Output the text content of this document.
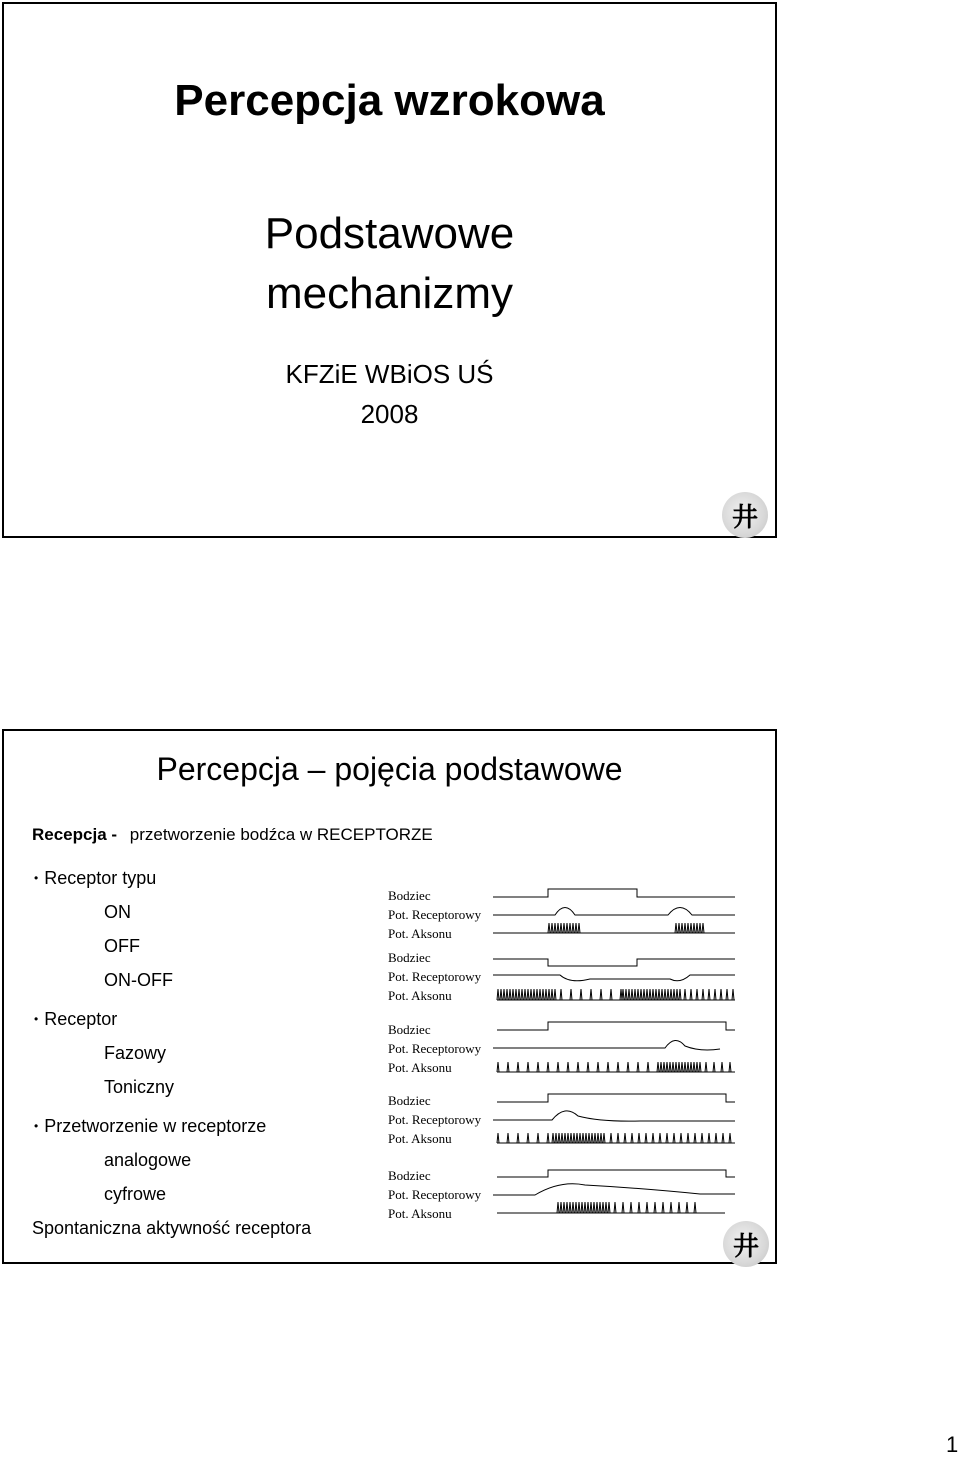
Percepcja wzrokowa
Podstawowe
mechanizmy
KFZiE WBiOS UŚ
2008
井
Percepcja – pojęcia podstawowe
Recepcja - przetworzenie bodźca w RECEPTORZE
• Receptor typu
ON
OFF
ON-OFF
• Receptor
Fazowy
Toniczny
• Przetworzenie w receptorze
analogowe
cyfrowe
Spontaniczna aktywność receptora
Bodziec
Pot. Receptorowy
Pot. Aksonu
Bodziec
Pot. Receptorowy
Pot. Aksonu
Bodziec
Pot. Receptorowy
Pot. Aksonu
Bodziec
Pot. Receptorowy
Pot. Aksonu
Bodziec
Pot. Receptorowy
Pot. Aksonu
井
1
